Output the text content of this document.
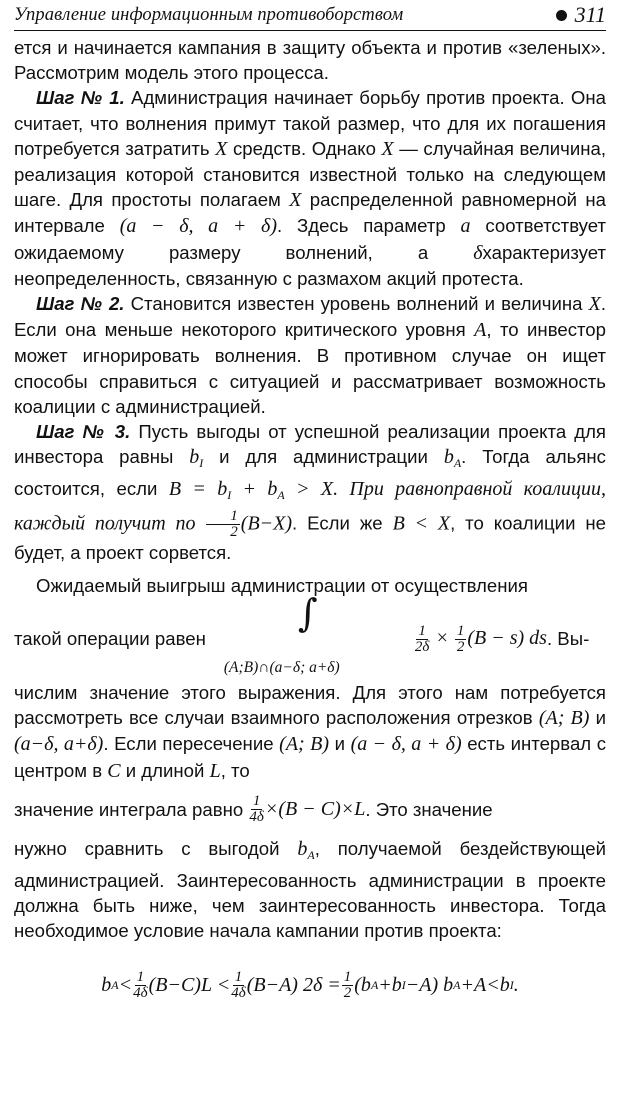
Управление информационным противоборством	311

ется и начинается кампания в защиту объекта и против «зеленых». Рассмотрим модель этого процесса.

Шаг № 1. Администрация начинает борьбу против проекта. Она считает, что волнения примут такой размер, что для их погашения потребуется затратить X средств. Однако X — случайная величина, реализация которой становится известной только на следующем шаге. Для простоты полагаем X распределенной равномерной на интервале (a − δ, a + δ). Здесь параметр a соответствует ожидаемому размеру волнений, а δхарактеризует неопределенность, связанную с размахом акций протеста.

Шаг № 2. Становится известен уровень волнений и величина X. Если она меньше некоторого критического уровня A, то инвестор может игнорировать волнения. В противном случае он ищет способы справиться с ситуацией и рассматривает возможность коалиции с администрацией.

Шаг № 3. Пусть выгоды от успешной реализации проекта для инвестора равны $b_I$ и для администрации $b_A$. Тогда альянс состоится, если $B = b_I + b_A > X$. При равноправной коалиции, каждый получит по $\frac{1}{2} (B-X)$. Если же B < X, то коалиции не будет, а проект сорвется.

Ожидаемый выигрыш администрации от осуществления

такой операции равен
∫
(A;B)∩(a−δ; a+δ)
$\frac{1}{2\delta} \times \frac{1}{2} (B - s)$ ds . Вы-

числим значение этого выражения. Для этого нам потребуется рассмотреть все случаи взаимного расположения отрезков (A; B) и (a−δ, a+δ). Если пересечение (A; B) и (a − δ, a + δ) есть интервал с центром в C и длиной L, то

значение интеграла равно
$\frac{1}{4\delta} \times(B - C)\times L$ . Это значение

нужно сравнить с выгодой $b_A$, получаемой бездействующей администрацией. Заинтересованность администрации в проекте должна быть ниже, чем заинтересованность инвестора. Тогда необходимое условие начала кампании против проекта:

b $A < \frac{1}{4\delta} (B-C)L < \frac{1}{4\delta} (B-A) 2\delta = \frac{1}{2} (b$ A +b I −A) b A +A<b I .
